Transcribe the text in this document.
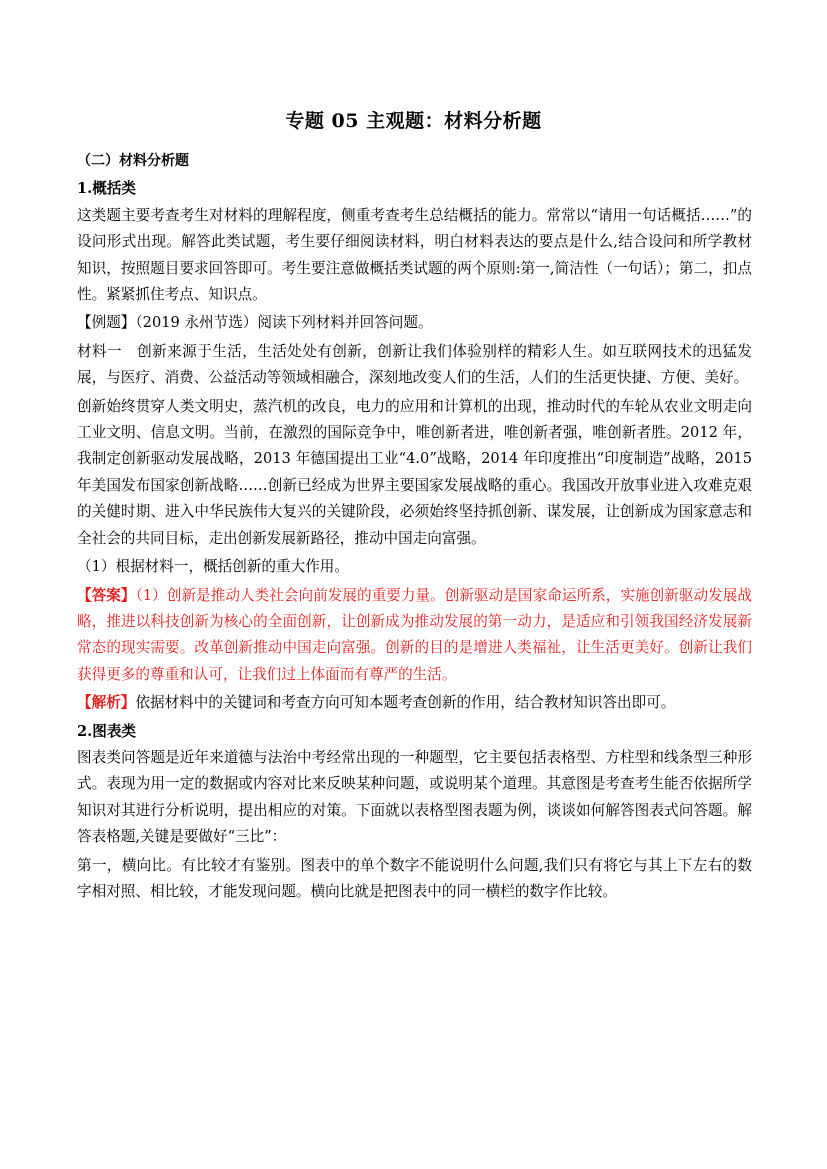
专题 05 主观题：材料分析题

（二）材料分析题

1.概括类

这类题主要考查考生对材料的理解程度，侧重考查考生总结概括的能力。常常以“请用一句话概括……”的设问形式出现。解答此类试题，考生要仔细阅读材料，明白材料表达的要点是什么,结合设问和所学教材知识，按照题目要求回答即可。考生要注意做概括类试题的两个原则:第一,简洁性（一句话）；第二，扣点性。紧紧抓住考点、知识点。

【例题】（2019 永州节选）阅读下列材料并回答问题。

材料一 创新来源于生活，生活处处有创新，创新让我们体验别样的精彩人生。如互联网技术的迅猛发展，与医疗、消费、公益活动等领域相融合，深刻地改变人们的生活，人们的生活更快捷、方便、美好。

创新始终贯穿人类文明史，蒸汽机的改良，电力的应用和计算机的出现，推动时代的车轮从农业文明走向工业文明、信息文明。当前，在激烈的国际竞争中，唯创新者进，唯创新者强，唯创新者胜。2012 年，我制定创新驱动发展战略，2013 年德国提出工业“4.0”战略，2014 年印度推出“印度制造”战略，2015 年美国发布国家创新战略……创新已经成为世界主要国家发展战略的重心。我国改开放事业进入攻难克艰的关健时期、进入中华民族伟大复兴的关键阶段，必须始终坚持抓创新、谋发展，让创新成为国家意志和全社会的共同目标，走出创新发展新路径，推动中国走向富强。

（1）根据材料一，概括创新的重大作用。

【答案】（1）创新是推动人类社会向前发展的重要力量。创新驱动是国家命运所系，实施创新驱动发展战略，推进以科技创新为核心的全面创新，让创新成为推动发展的第一动力，是适应和引领我国经济发展新常态的现实需要。改革创新推动中国走向富强。创新的目的是增进人类福祉，让生活更美好。创新让我们获得更多的尊重和认可，让我们过上体面而有尊严的生活。

【解析】依据材料中的关键词和考查方向可知本题考查创新的作用，结合教材知识答出即可。

2.图表类

图表类问答题是近年来道德与法治中考经常出现的一种题型，它主要包括表格型、方柱型和线条型三种形式。表现为用一定的数据或内容对比来反映某种问题，或说明某个道理。其意图是考查考生能否依据所学知识对其进行分析说明，提出相应的对策。下面就以表格型图表题为例，谈谈如何解答图表式问答题。解答表格题,关键是要做好“三比”：

第一，横向比。有比较才有鉴别。图表中的单个数字不能说明什么问题,我们只有将它与其上下左右的数字相对照、相比较，才能发现问题。横向比就是把图表中的同一横栏的数字作比较。
